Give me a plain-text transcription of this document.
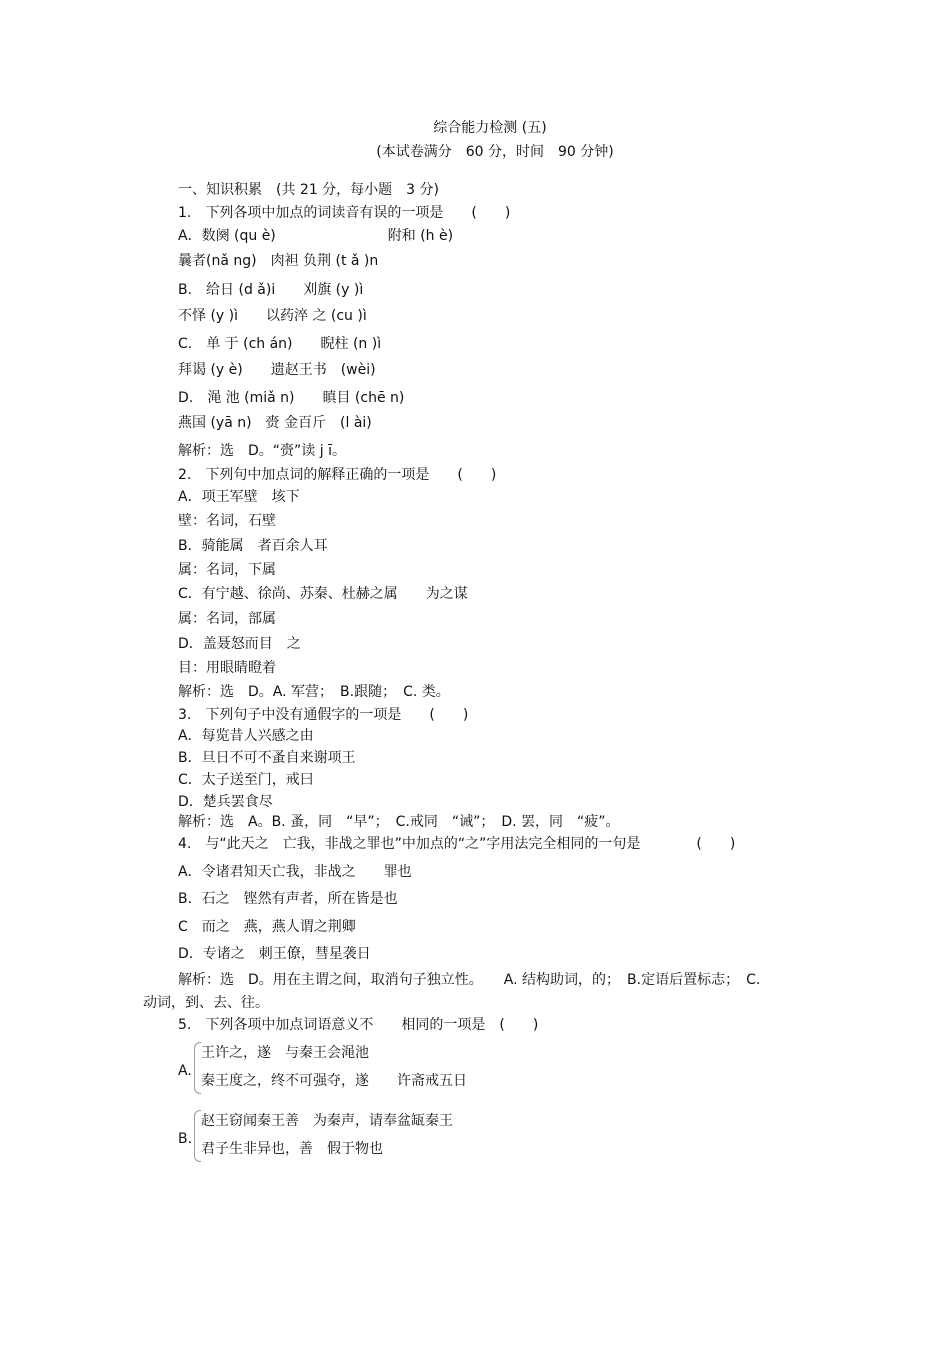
综合能力检测 (五)
(本试卷满分　60 分，时间　90 分钟)
一、知识积累　(共 21 分，每小题　3 分)
1.　下列各项中加点的词读音有误的一项是　　(　　)
A．数阕 (qu è)　　　　　　　　附和 (h è)
曩者(nǎ ng)　肉袒 负荆 (t ǎ )n
B.　给日 (d ǎ)i　　刈旗 (y )ì
不怿 (y )ì　　以药淬 之 (cu )ì
C.　单 于 (ch án)　　睨柱 (n )ì
拜谒 (y è)　　遗赵王书　(wèi)
D.　渑 池 (miǎ n)　　瞋目 (chē n)
燕国 (yā n)　赍 金百斤　(l ài)
解析：选　D。“赍”读 j ī。
2.　下列句中加点词的解释正确的一项是　　(　　)
A．项王军壁　垓下
壁：名词，石壁
B．骑能属　者百余人耳
属：名词，下属
C．有宁越、徐尚、苏秦、杜赫之属　　为之谋
属：名词，部属
D．盖聂怒而目　之
目：用眼睛瞪着
解析：选　D。A. 军营；　B.跟随；　C. 类。
3.　下列句子中没有通假字的一项是　　(　　)
A．每览昔人兴感之由
B．旦日不可不蚤自来谢项王
C．太子送至门，戒曰
D．楚兵罢食尽
解析：选　A。B. 蚤，同　“早”；　C.戒同　“诫”；　D. 罢，同　“疲”。
4.　与“此天之　亡我，非战之罪也”中加点的“之”字用法完全相同的一句是　　　　(　　)
A．令诸君知天亡我，非战之　　罪也
B．石之　铿然有声者，所在皆是也
C　而之　燕，燕人谓之荆卿
D．专诸之　刺王僚，彗星袭日
解析：选　D。用在主谓之间，取消句子独立性。　　A. 结构助词，的；　B.定语后置标志；　C.
动词，到、去、往。
5.　下列各项中加点词语意义不　　相同的一项是　(　　)
A.
王许之，遂　与秦王会渑池
秦王度之，终不可强夺，遂　　许斋戒五日
B.
赵王窃闻秦王善　为秦声，请奉盆缻秦王
君子生非异也，善　假于物也
